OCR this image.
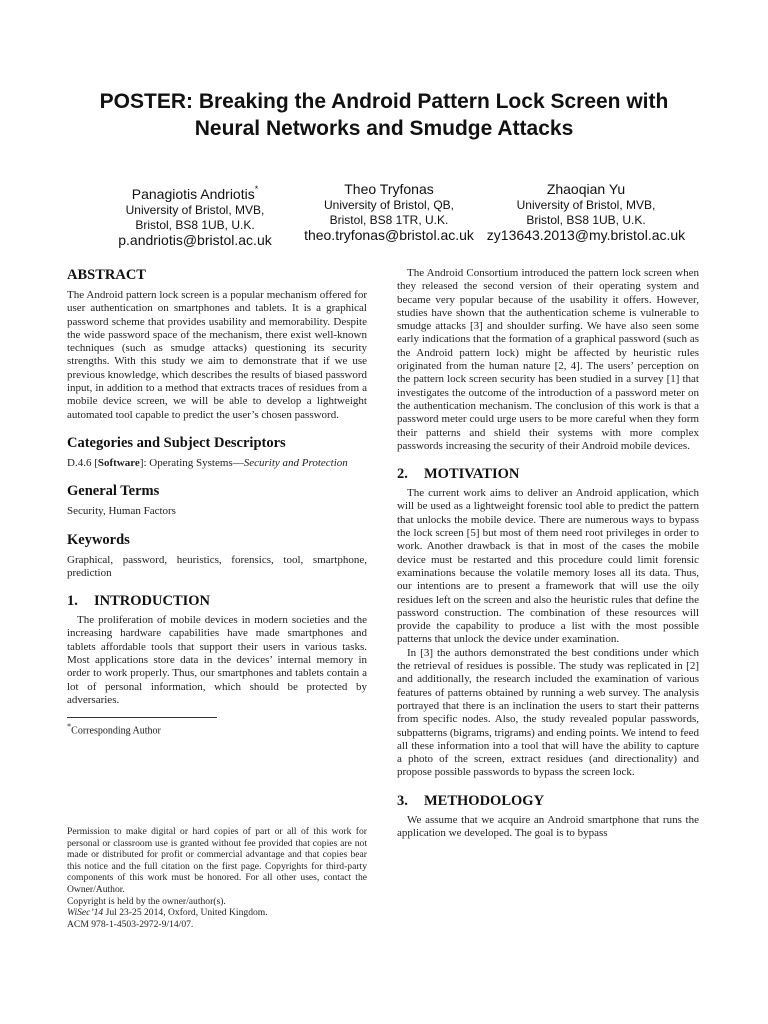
POSTER: Breaking the Android Pattern Lock Screen with
Neural Networks and Smudge Attacks
Panagiotis Andriotis*
University of Bristol, MVB,
Bristol, BS8 1UB, U.K.
p.andriotis@bristol.ac.uk
Theo Tryfonas
University of Bristol, QB,
Bristol, BS8 1TR, U.K.
theo.tryfonas@bristol.ac.uk
Zhaoqian Yu
University of Bristol, MVB,
Bristol, BS8 1UB, U.K.
zy13643.2013@my.bristol.ac.uk
ABSTRACT

The Android pattern lock screen is a popular mechanism offered for user authentication on smartphones and tablets. It is a graphical password scheme that provides usability and memorability. Despite the wide password space of the mechanism, there exist well-known techniques (such as smudge attacks) questioning its security strengths. With this study we aim to demonstrate that if we use previous knowledge, which describes the results of biased password input, in addition to a method that extracts traces of residues from a mobile device screen, we will be able to develop a lightweight automated tool capable to predict the user’s chosen password.

Categories and Subject Descriptors

D.4.6 [Software]: Operating Systems—Security and Protection

General Terms

Security, Human Factors

Keywords

Graphical, password, heuristics, forensics, tool, smartphone, prediction

1. INTRODUCTION

The proliferation of mobile devices in modern societies and the increasing hardware capabilities have made smartphones and tablets affordable tools that support their users in various tasks. Most applications store data in the devices’ internal memory in order to work properly. Thus, our smartphones and tablets contain a lot of personal information, which should be protected by adversaries.

*Corresponding Author

Permission to make digital or hard copies of part or all of this work for personal or classroom use is granted without fee provided that copies are not made or distributed for profit or commercial advantage and that copies bear this notice and the full citation on the first page. Copyrights for third-party components of this work must be honored. For all other uses, contact the Owner/Author.

Copyright is held by the owner/author(s).

WiSec’14 Jul 23-25 2014, Oxford, United Kingdom.

ACM 978-1-4503-2972-9/14/07.

The Android Consortium introduced the pattern lock screen when they released the second version of their operating system and became very popular because of the usability it offers. However, studies have shown that the authentication scheme is vulnerable to smudge attacks [3] and shoulder surfing. We have also seen some early indications that the formation of a graphical password (such as the Android pattern lock) might be affected by heuristic rules originated from the human nature [2, 4]. The users’ perception on the pattern lock screen security has been studied in a survey [1] that investigates the outcome of the introduction of a password meter on the authentication mechanism. The conclusion of this work is that a password meter could urge users to be more careful when they form their patterns and shield their systems with more complex passwords increasing the security of their Android mobile devices.

2. MOTIVATION

The current work aims to deliver an Android application, which will be used as a lightweight forensic tool able to predict the pattern that unlocks the mobile device. There are numerous ways to bypass the lock screen [5] but most of them need root privileges in order to work. Another drawback is that in most of the cases the mobile device must be restarted and this procedure could limit forensic examinations because the volatile memory loses all its data. Thus, our intentions are to present a framework that will use the oily residues left on the screen and also the heuristic rules that define the password construction. The combination of these resources will provide the capability to produce a list with the most possible patterns that unlock the device under examination.

In [3] the authors demonstrated the best conditions under which the retrieval of residues is possible. The study was replicated in [2] and additionally, the research included the examination of various features of patterns obtained by running a web survey. The analysis portrayed that there is an inclination the users to start their patterns from specific nodes. Also, the study revealed popular passwords, subpatterns (bigrams, trigrams) and ending points. We intend to feed all these information into a tool that will have the ability to capture a photo of the screen, extract residues (and directionality) and propose possible passwords to bypass the screen lock.

3. METHODOLOGY

We assume that we acquire an Android smartphone that runs the application we developed. The goal is to bypass
